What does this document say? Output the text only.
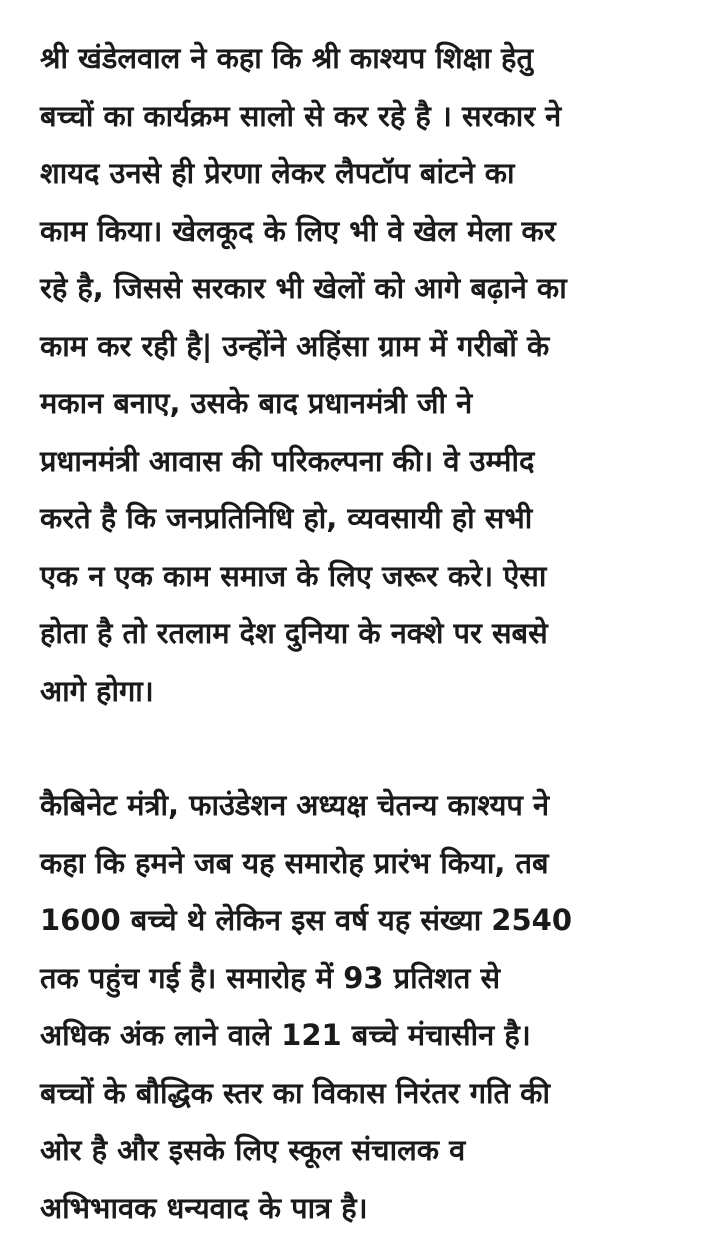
श्री खंडेलवाल ने कहा कि श्री काश्यप शिक्षा हेतु
बच्चों का कार्यक्रम सालो से कर रहे है । सरकार ने
शायद उनसे ही प्रेरणा लेकर लैपटॉप बांटने का
काम किया। खेलकूद के लिए भी वे खेल मेला कर
रहे है, जिससे सरकार भी खेलों को आगे बढ़ाने का
काम कर रही है| उन्होंने अहिंसा ग्राम में गरीबों के
मकान बनाए, उसके बाद प्रधानमंत्री जी ने
प्रधानमंत्री आवास की परिकल्पना की। वे उम्मीद
करते है कि जनप्रतिनिधि हो, व्यवसायी हो सभी
एक न एक काम समाज के लिए जरूर करे। ऐसा
होता है तो रतलाम देश दुनिया के नक्शे पर सबसे
आगे होगा।

कैबिनेट मंत्री, फाउंडेशन अध्यक्ष चेतन्य काश्यप ने
कहा कि हमने जब यह समारोह प्रारंभ किया, तब
1600 बच्चे थे लेकिन इस वर्ष यह संख्या 2540
तक पहुंच गई है। समारोह में 93 प्रतिशत से
अधिक अंक लाने वाले 121 बच्चे मंचासीन है।
बच्चों के बौद्धिक स्तर का विकास निरंतर गति की
ओर है और इसके लिए स्कूल संचालक व
अभिभावक धन्यवाद के पात्र है।
